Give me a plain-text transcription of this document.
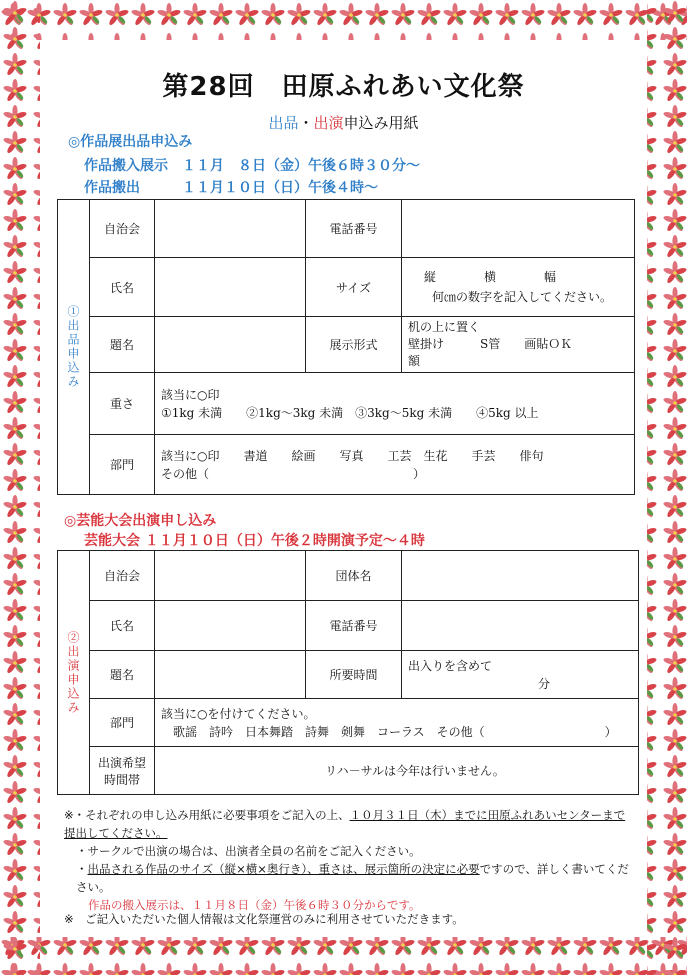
第28回　田原ふれあい文化祭
出品・出演申込み用紙
◎作品展出品申込み
作品搬入展示　１１月　８日（金）午後６時３０分～
作品搬出　　　１１月１０日（日）午後４時～
①出品申込み	自治会		電話番号	
	氏名		サイズ	縦　　　　横　　　　幅
何㎝の数字を記入してください。

	題名		展示形式	机の上に置く
壁掛け　　　S管　　画貼ＯＫ
額

	重さ	該当に○印
①1kg 未満　　②1kg～3kg 未満　③3kg～5kg 未満　　④5kg 以上		

	部門	該当に○印　　書道　　絵画　　写真　　工芸　生花　　手芸　　俳句
その他（　　　　　　　　　　　　　　　　　）		
◎芸能大会出演申し込み
芸能大会 １１月１０日（日）午後２時開演予定～４時
②出演申込み	自治会		団体名	
	氏名		電話番号	
	題名		所要時間	出入りを含めて
分

	部門	該当に○を付けてください。
歌謡　詩吟　日本舞踏　詩舞　剣舞　コーラス　その他（　　　　　　　　　　）		

	出演希望
時間帯	リハ－サルは今年は行いません。		
※・それぞれの申し込み用紙に必要事項をご記入の上、１０月３１日（木）までに田原ふれあいセンターまで提出してください。
・サークルで出演の場合は、出演者全員の名前をご記入ください。
・出品される作品のサイズ（縦×横×奥行き）、重さは、展示箇所の決定に必要ですので、詳しく書いてください。
作品の搬入展示は、１１月８日（金）午後６時３０分からです。
※　ご記入いただいた個人情報は文化祭運営のみに利用させていただきます。
